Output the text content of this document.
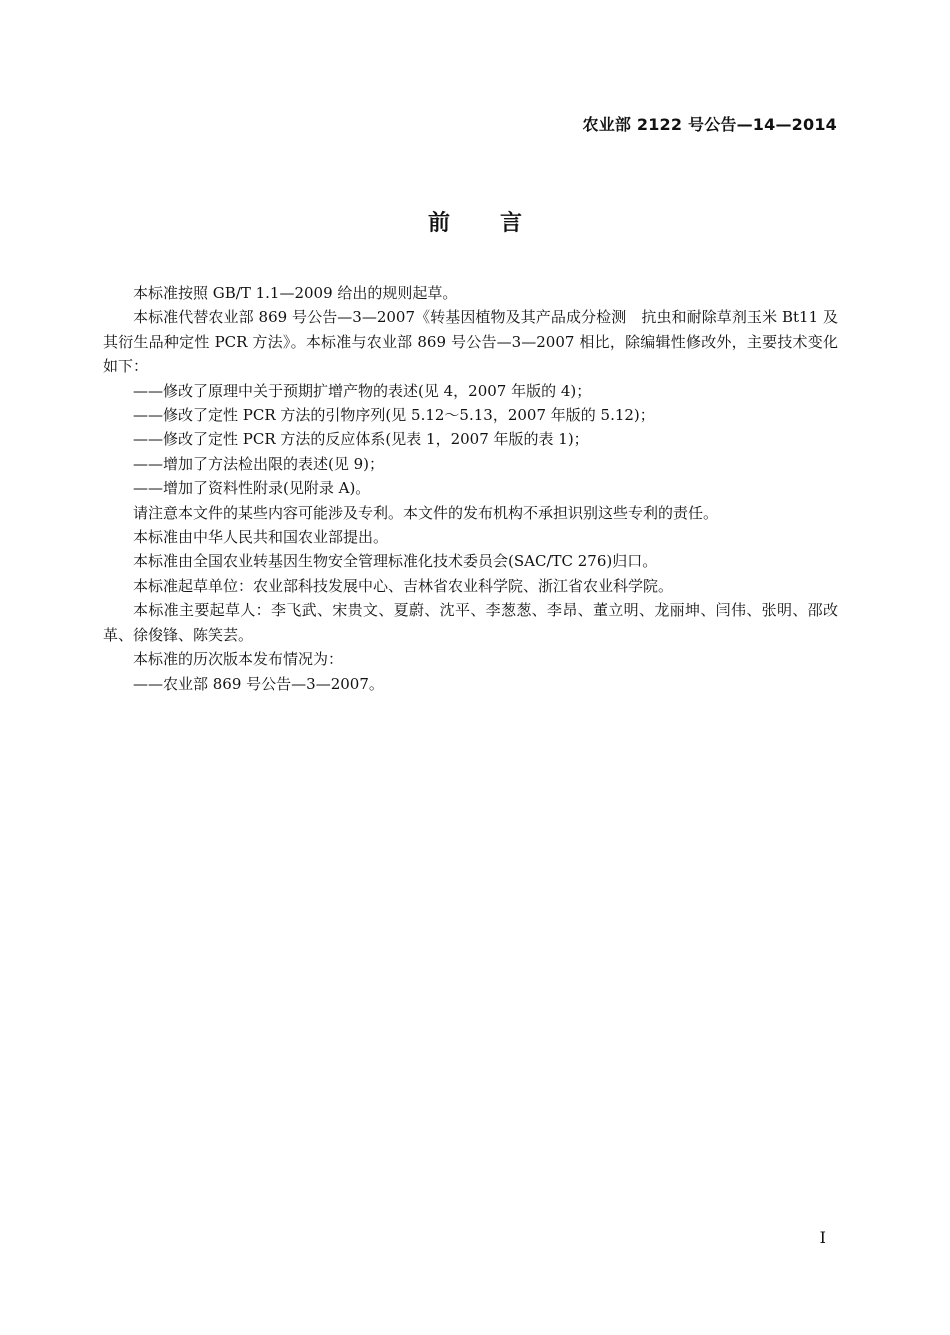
农业部 2122 号公告—14—2014
前言

本标准按照 GB/T 1.1—2009 给出的规则起草。

本标准代替农业部 869 号公告—3—2007《转基因植物及其产品成分检测　抗虫和耐除草剂玉米 Bt11 及其衍生品种定性 PCR 方法》。本标准与农业部 869 号公告—3—2007 相比，除编辑性修改外，主要技术变化如下：

——修改了原理中关于预期扩增产物的表述(见 4，2007 年版的 4)；

——修改了定性 PCR 方法的引物序列(见 5.12～5.13，2007 年版的 5.12)；

——修改了定性 PCR 方法的反应体系(见表 1，2007 年版的表 1)；

——增加了方法检出限的表述(见 9)；

——增加了资料性附录(见附录 A)。

请注意本文件的某些内容可能涉及专利。本文件的发布机构不承担识别这些专利的责任。

本标准由中华人民共和国农业部提出。

本标准由全国农业转基因生物安全管理标准化技术委员会(SAC/TC 276)归口。

本标准起草单位：农业部科技发展中心、吉林省农业科学院、浙江省农业科学院。

本标准主要起草人：李飞武、宋贵文、夏蔚、沈平、李葱葱、李昂、董立明、龙丽坤、闫伟、张明、邵改革、徐俊锋、陈笑芸。

本标准的历次版本发布情况为：

——农业部 869 号公告—3—2007。

I
